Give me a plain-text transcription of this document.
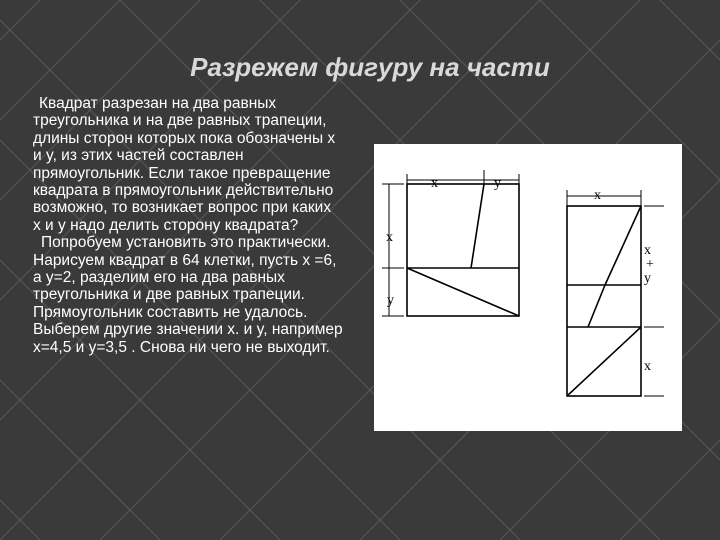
Разрежем фигуру на части

Квадрат разрезан на два равных треугольника и на две равных трапеции, длины сторон которых пока обозначены x и y, из этих частей составлен прямоугольник. Если такое превращение квадрата в прямоугольник действительно возможно, то возникает вопрос при каких x и y надо делить сторону квадрата?

Попробуем установить это практически. Нарисуем квадрат в 64 клетки, пусть x =6, а y=2, разделим его на два равных треугольника и две равных трапеции. Прямоугольник составить не удалось. Выберем другие значении x. и y, например x=4,5 и y=3,5 . Снова ни чего не выходит.

x	y
x
y
x
x
+
y
x
